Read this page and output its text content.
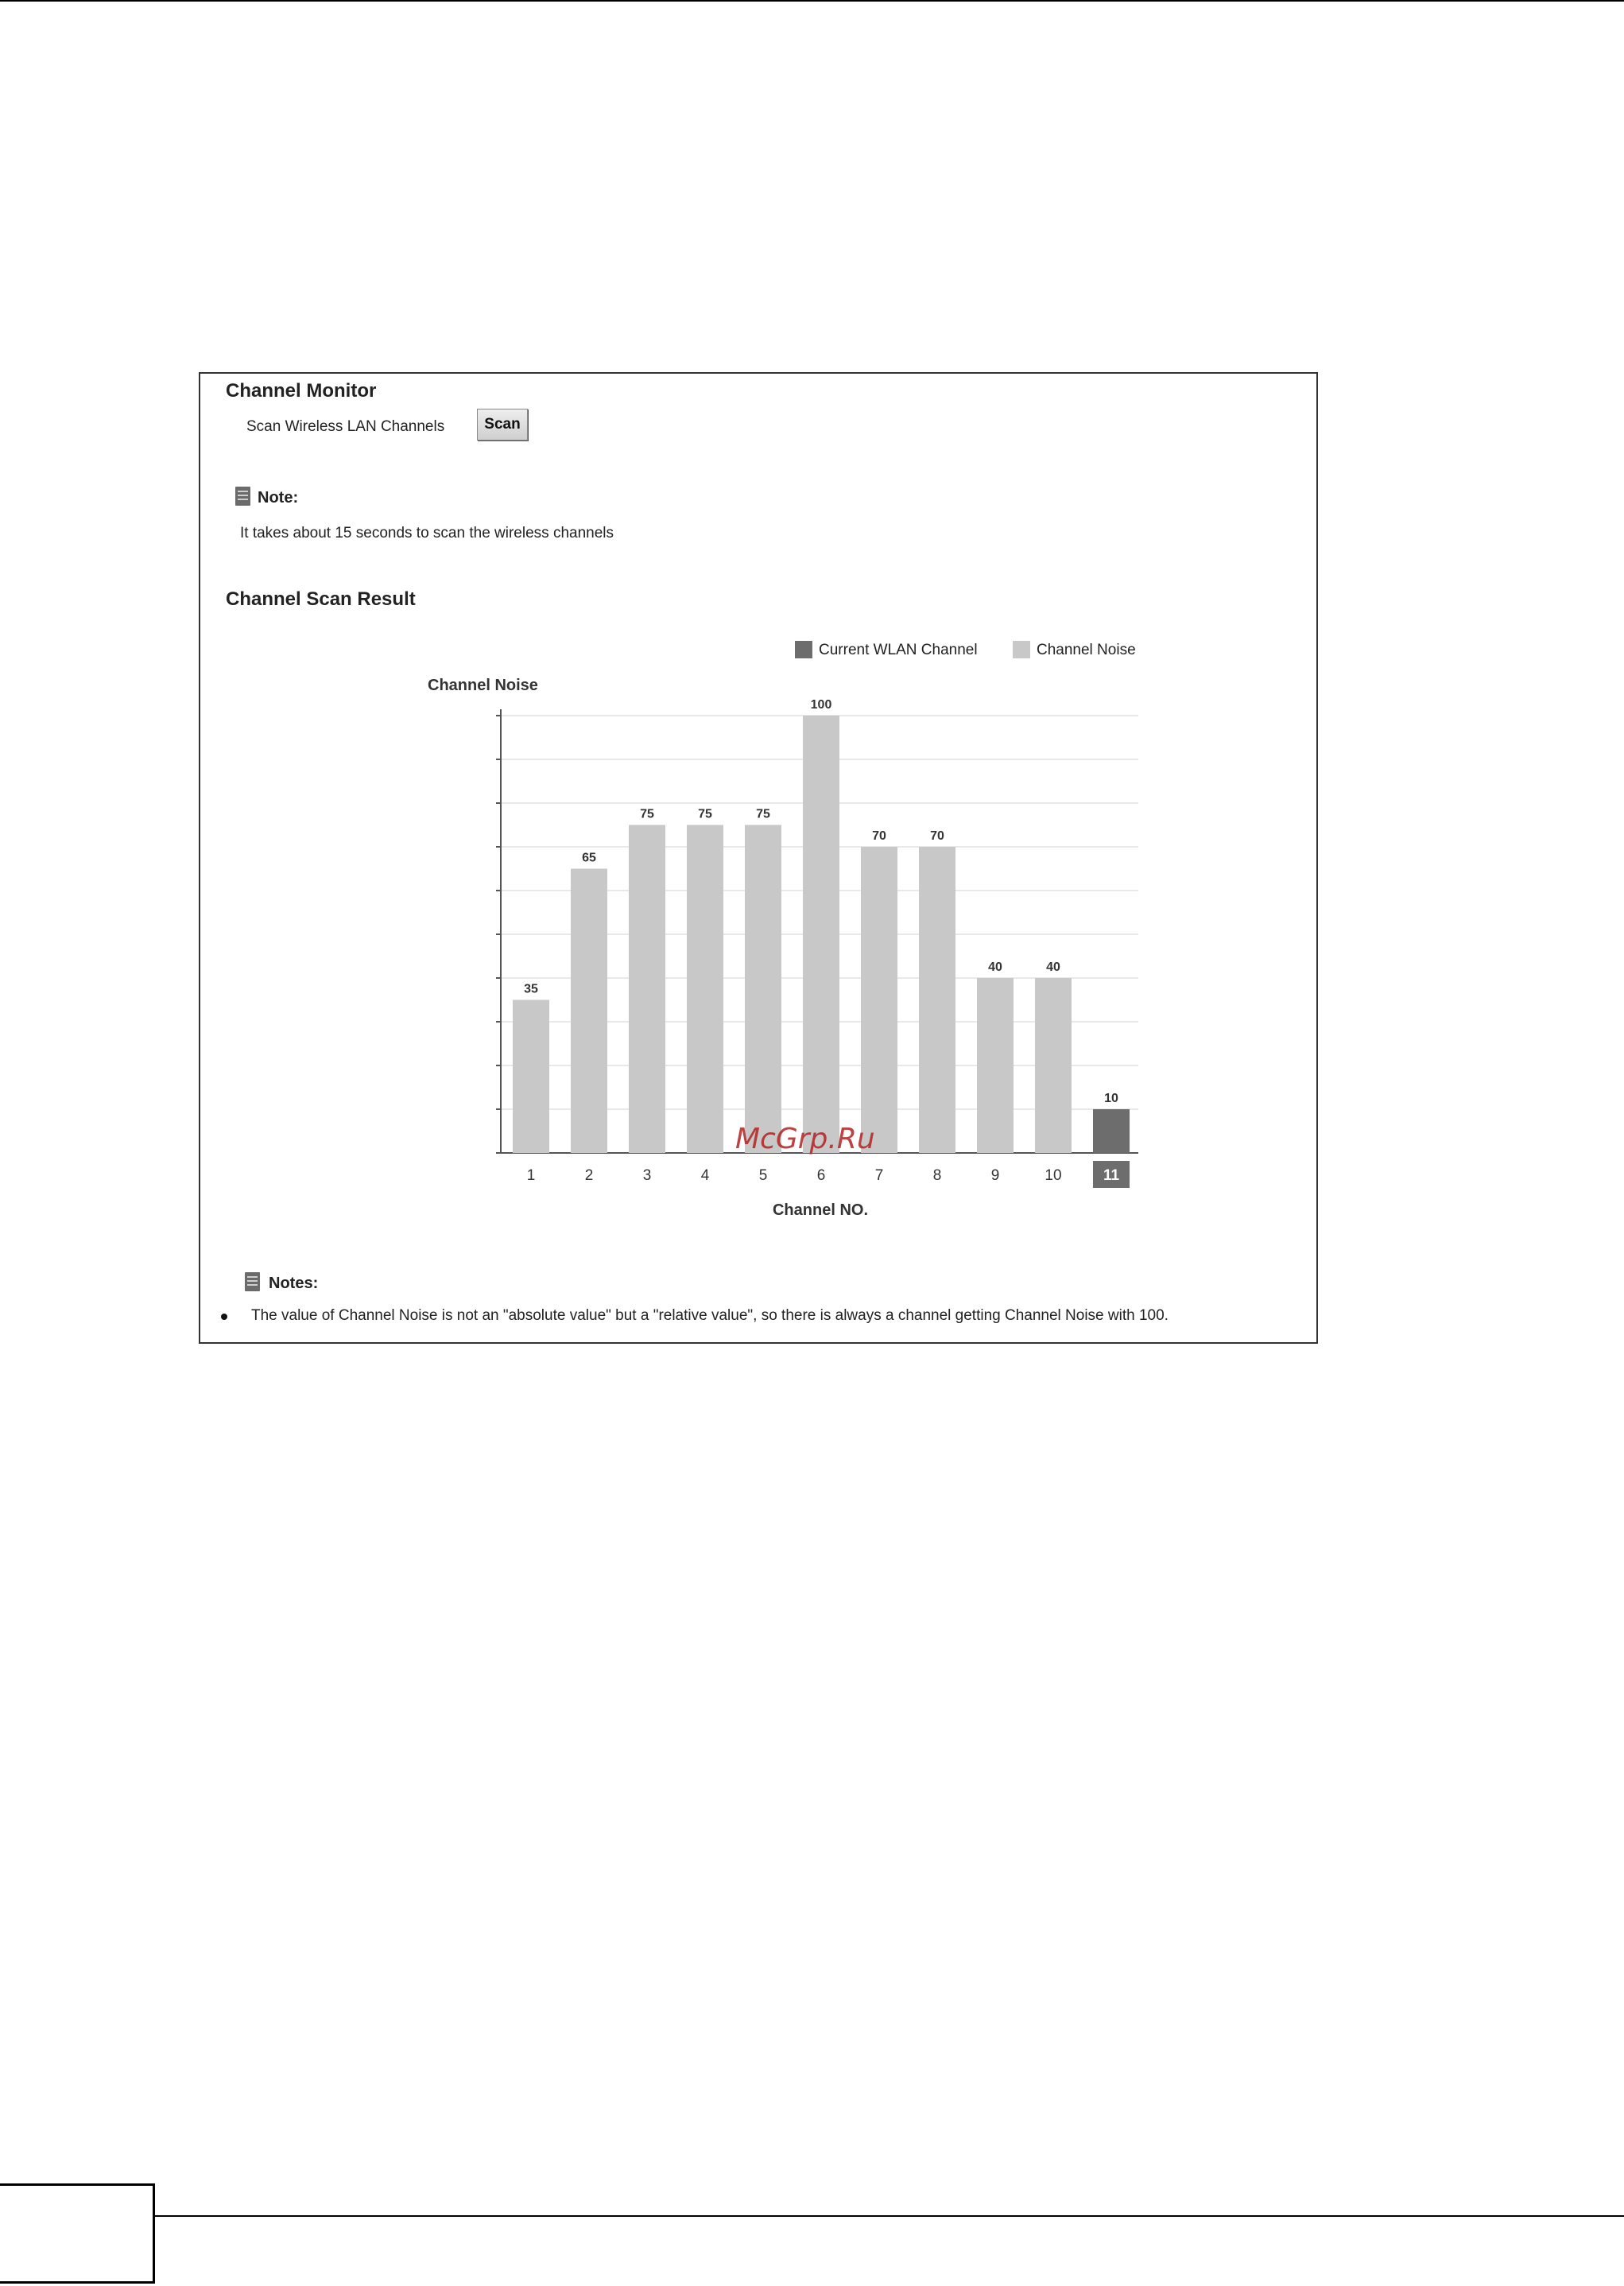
Channel Monitor
Scan Wireless LAN Channels	Scan
Note:
It takes about 15 seconds to scan the wireless channels
Channel Scan Result
Current WLAN Channel	Channel Noise
Notes:
The value of Channel Noise is not an "absolute value" but a "relative value", so there is always a channel getting Channel Noise with 100.
Channel Noise
35
65
75	75	75
100
70	70
40	40
10
1	2	3	4	5	6	7	8	9	10	11
Channel NO.
McGrp.Ru
